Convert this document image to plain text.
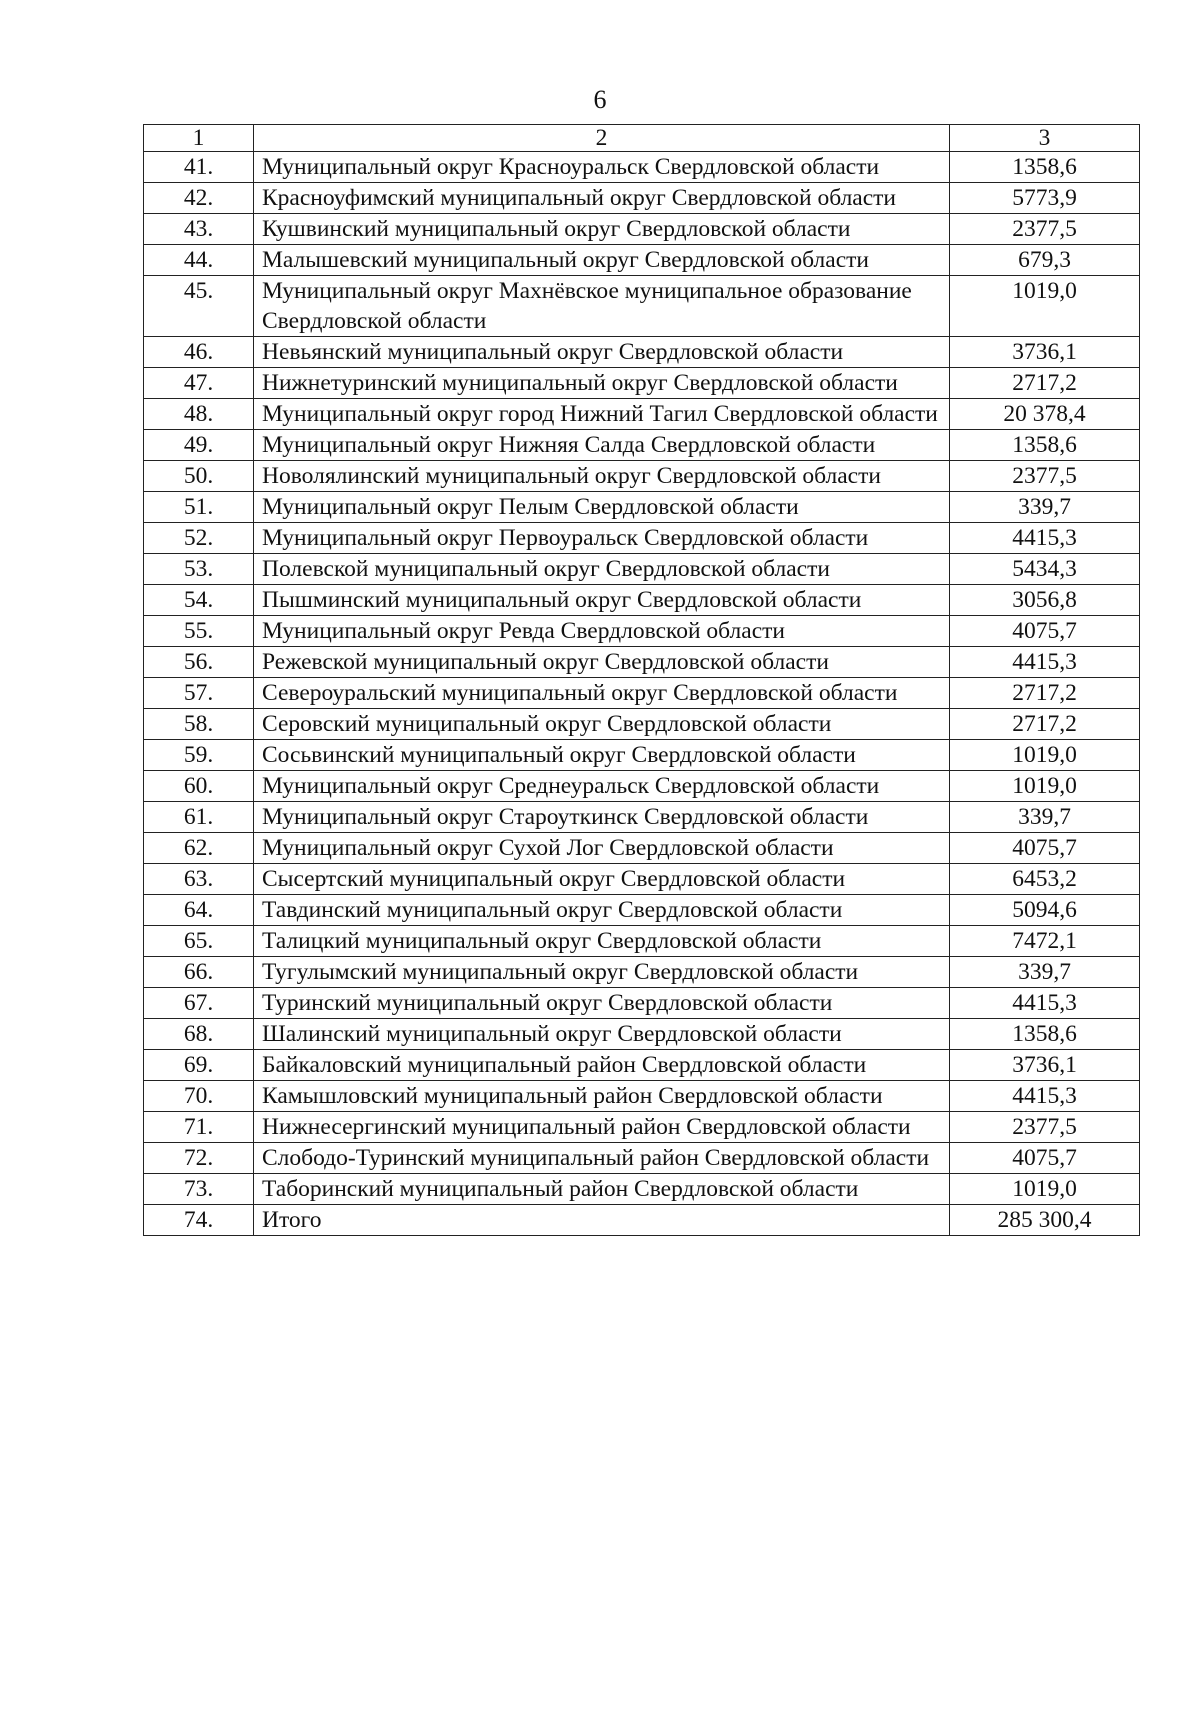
6
1	2	3
41.	Муниципальный округ Красноуральск Свердловской области	1358,6
42.	Красноуфимский муниципальный округ Свердловской области	5773,9
43.	Кушвинский муниципальный округ Свердловской области	2377,5
44.	Малышевский муниципальный округ Свердловской области	679,3
45.	Муниципальный округ Махнёвское муниципальное образование Свердловской области	1019,0
46.	Невьянский муниципальный округ Свердловской области	3736,1
47.	Нижнетуринский муниципальный округ Свердловской области	2717,2
48.	Муниципальный округ город Нижний Тагил Свердловской области	20 378,4
49.	Муниципальный округ Нижняя Салда Свердловской области	1358,6
50.	Новолялинский муниципальный округ Свердловской области	2377,5
51.	Муниципальный округ Пелым Свердловской области	339,7
52.	Муниципальный округ Первоуральск Свердловской области	4415,3
53.	Полевской муниципальный округ Свердловской области	5434,3
54.	Пышминский муниципальный округ Свердловской области	3056,8
55.	Муниципальный округ Ревда Свердловской области	4075,7
56.	Режевской муниципальный округ Свердловской области	4415,3
57.	Североуральский муниципальный округ Свердловской области	2717,2
58.	Серовский муниципальный округ Свердловской области	2717,2
59.	Сосьвинский муниципальный округ Свердловской области	1019,0
60.	Муниципальный округ Среднеуральск Свердловской области	1019,0
61.	Муниципальный округ Староуткинск Свердловской области	339,7
62.	Муниципальный округ Сухой Лог Свердловской области	4075,7
63.	Сысертский муниципальный округ Свердловской области	6453,2
64.	Тавдинский муниципальный округ Свердловской области	5094,6
65.	Талицкий муниципальный округ Свердловской области	7472,1
66.	Тугулымский муниципальный округ Свердловской области	339,7
67.	Туринский муниципальный округ Свердловской области	4415,3
68.	Шалинский муниципальный округ Свердловской области	1358,6
69.	Байкаловский муниципальный район Свердловской области	3736,1
70.	Камышловский муниципальный район Свердловской области	4415,3
71.	Нижнесергинский муниципальный район Свердловской области	2377,5
72.	Слободо-Туринский муниципальный район Свердловской области	4075,7
73.	Таборинский муниципальный район Свердловской области	1019,0
74.	Итого	285 300,4
